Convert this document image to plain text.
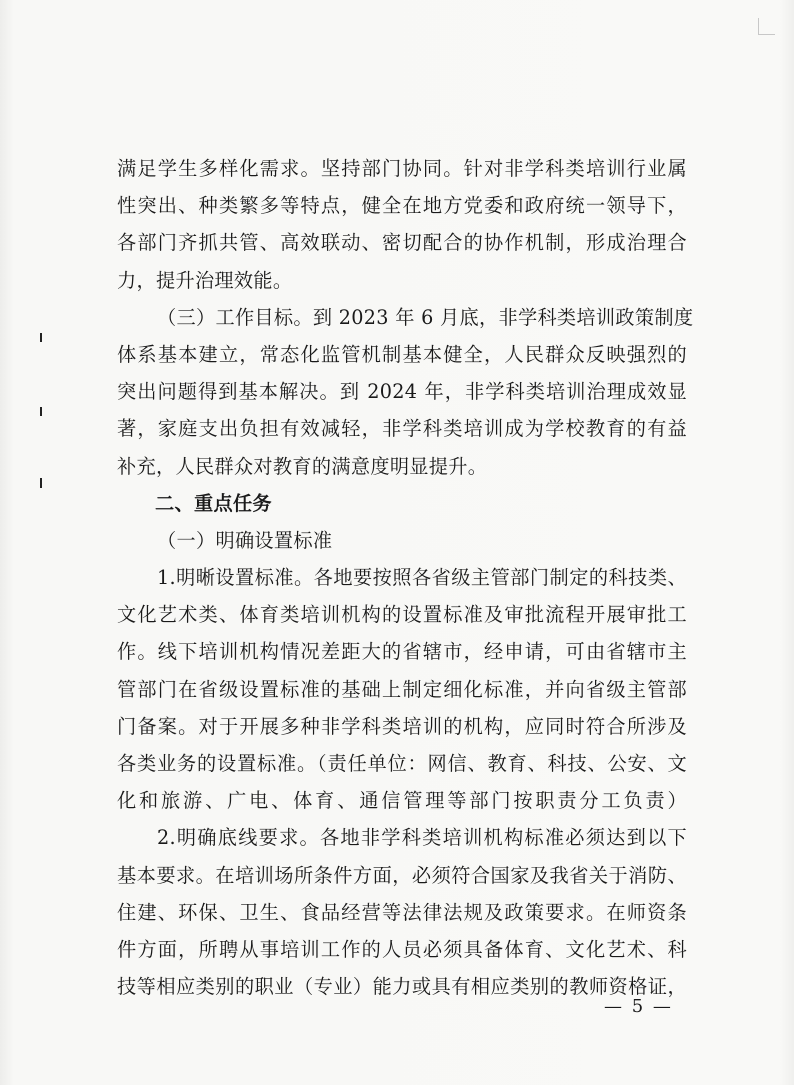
满足学生多样化需求。坚持部门协同。针对非学科类培训行业属
性突出、种类繁多等特点，健全在地方党委和政府统一领导下，
各部门齐抓共管、高效联动、密切配合的协作机制，形成治理合
力，提升治理效能。
（三）工作目标。到 2023 年 6 月底，非学科类培训政策制度
体系基本建立，常态化监管机制基本健全，人民群众反映强烈的
突出问题得到基本解决。到 2024 年，非学科类培训治理成效显
著，家庭支出负担有效减轻，非学科类培训成为学校教育的有益
补充，人民群众对教育的满意度明显提升。
二、重点任务
（一）明确设置标准
1.明晰设置标准。各地要按照各省级主管部门制定的科技类、
文化艺术类、体育类培训机构的设置标准及审批流程开展审批工
作。线下培训机构情况差距大的省辖市，经申请，可由省辖市主
管部门在省级设置标准的基础上制定细化标准，并向省级主管部
门备案。对于开展多种非学科类培训的机构，应同时符合所涉及
各类业务的设置标准。（责任单位：网信、教育、科技、公安、文
化和旅游、广电、体育、通信管理等部门按职责分工负责）
2.明确底线要求。各地非学科类培训机构标准必须达到以下
基本要求。在培训场所条件方面，必须符合国家及我省关于消防、
住建、环保、卫生、食品经营等法律法规及政策要求。在师资条
件方面，所聘从事培训工作的人员必须具备体育、文化艺术、科
技等相应类别的职业（专业）能力或具有相应类别的教师资格证，
— 5 —
